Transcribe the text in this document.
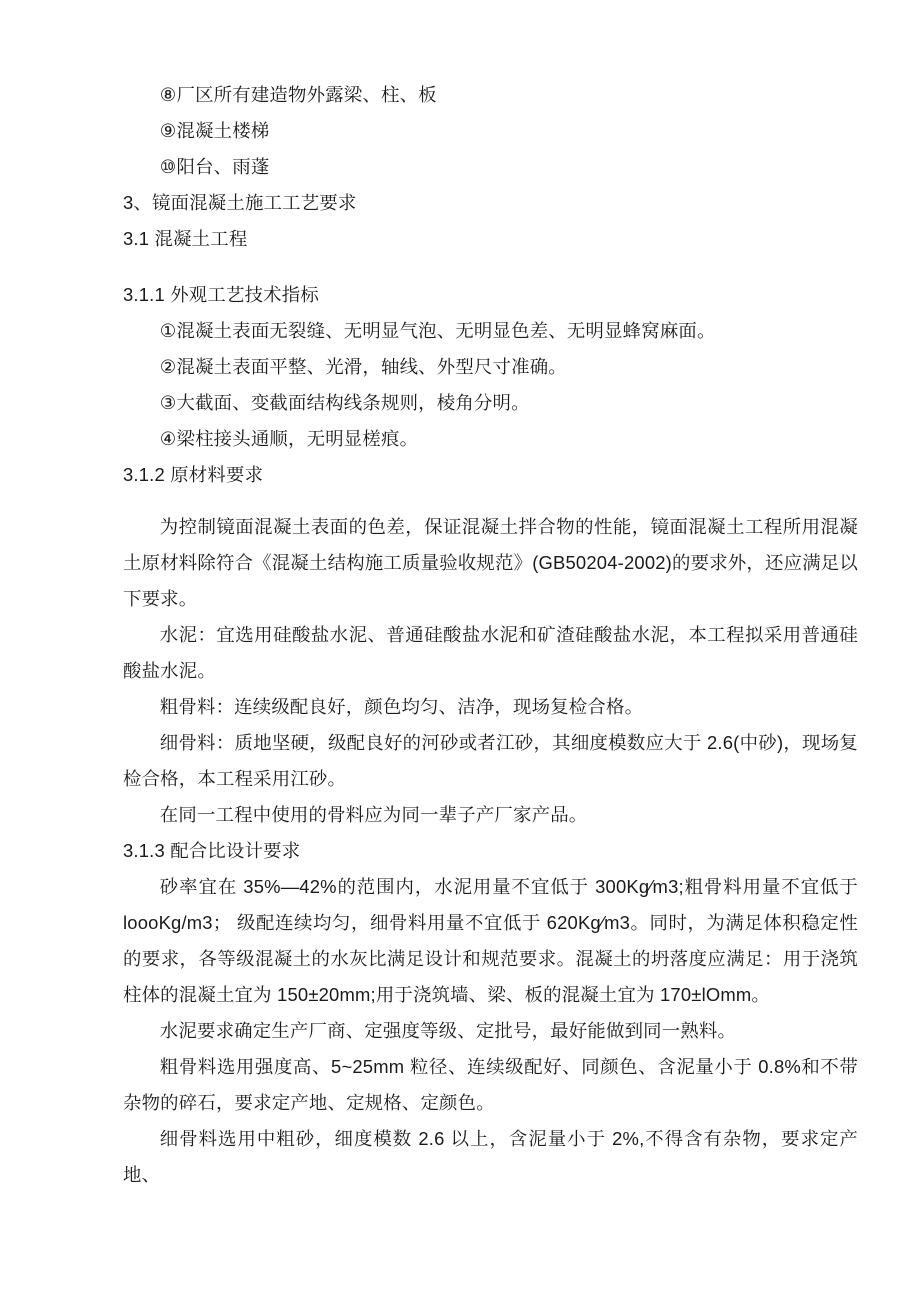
⑧厂区所有建造物外露梁、柱、板

⑨混凝土楼梯

⑩阳台、雨蓬

3、镜面混凝土施工工艺要求

3.1 混凝土工程

3.1.1 外观工艺技术指标

①混凝土表面无裂缝、无明显气泡、无明显色差、无明显蜂窝麻面。

②混凝土表面平整、光滑，轴线、外型尺寸准确。

③大截面、变截面结构线条规则，棱角分明。

④梁柱接头通顺，无明显槎痕。

3.1.2 原材料要求

为控制镜面混凝土表面的色差，保证混凝土拌合物的性能，镜面混凝土工程所用混凝土原材料除符合《混凝土结构施工质量验收规范》(GB50204-2002)的要求外，还应满足以下要求。

水泥：宜选用硅酸盐水泥、普通硅酸盐水泥和矿渣硅酸盐水泥，本工程拟采用普通硅酸盐水泥。

粗骨料：连续级配良好，颜色均匀、洁净，现场复检合格。

细骨料：质地坚硬，级配良好的河砂或者江砂，其细度模数应大于 2.6(中砂)，现场复检合格，本工程采用江砂。

在同一工程中使用的骨料应为同一辈子产厂家产品。

3.1.3 配合比设计要求

砂率宜在 35%—42%的范围内，水泥用量不宜低于 300Kg⁄m3;粗骨料用量不宜低于 loooKg/m3； 级配连续均匀，细骨料用量不宜低于 620Kg⁄m3。同时，为满足体积稳定性的要求，各等级混凝土的水灰比满足设计和规范要求。混凝土的坍落度应满足：用于浇筑柱体的混凝土宜为 150±20mm;用于浇筑墙、梁、板的混凝土宜为 170±lOmm。

水泥要求确定生产厂商、定强度等级、定批号，最好能做到同一熟料。

粗骨料选用强度高、5~25mm 粒径、连续级配好、同颜色、含泥量小于 0.8%和不带杂物的碎石，要求定产地、定规格、定颜色。

细骨料选用中粗砂，细度模数 2.6 以上，含泥量小于 2%,不得含有杂物，要求定产地、
